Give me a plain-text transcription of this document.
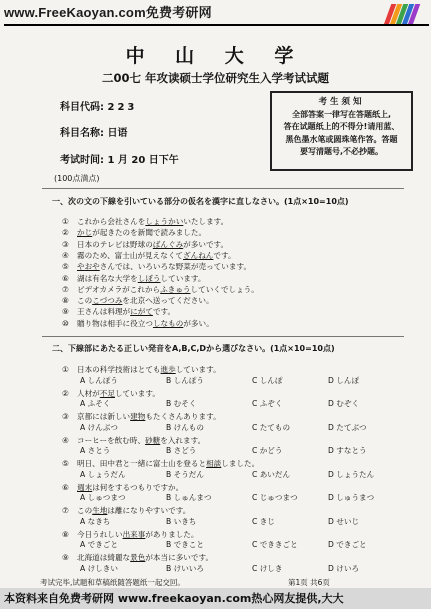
www.FreeKaoyan.com免费考研网
中 山 大 学
二00七 年攻读硕士学位研究生入学考试试题
科目代码: 223
科目名称: 日语
考试时间: 1 月 20 日下午
考生须知
全部答案一律写在答题纸上,
答在试题纸上的不得分!请用蓝、
黑色墨水笔或圆珠笔作答。答题
要写清题号,不必抄题。
(100点満点)
一、次の文の下線を引いている部分の仮名を漢字に直しなさい。(1点×10=10点)
二、下線部にあたる正しい発音をA,B,C,Dから選びなさい。(1点×10=10点)
考试完毕,试题和草稿纸随答题纸一起交回。	第1页 共6页
本资料来自免费考研网 www.freekaoyan.com热心网友提供,大大
① これから会社さんをしょうかいいたします。
② かじが起きたのを新聞で読みました。
③ 日本のテレビは野球のばんぐみが多いです。
④ 霧のため、富士山が見えなくてざんねんです。
⑤ やおやさんでは、いろいろな野菜が売っています。
⑥ 湖は有名な大学をしぼうしています。
⑦ ビデオカメラがこれからふきゅうしていくでしょう。
⑧ このこづつみを北京へ送ってください。
⑨ 王さんは料理がにがてです。
⑩ 贈り物は相手に役立つしなものが多い。
① 日本の科学技術はとても進歩しています。
A しんぽう	B しんぽう	C しんぽ	D しんぽ
② 人材が不足しています。
A ふそく	B むそく	C ふぞく	D むぞく
③ 京都には新しい建物もたくさんあります。
A けんぶつ	B けんもの	C たてもの	D たてぶつ
④ コーヒーを飲む時、砂糖を入れます。
A さとう	B さどう	C かどう	D すなとう
⑤ 明日、田中君と一緒に富士山を登ると相談しました。
A しょうだん	B そうだん	C あいだん	D しょうたん
⑥ 週末は何をするつもりですか。
A しゅつまつ	B しゅんまつ	C じゅつまつ	D しゅうまつ
⑦ この生地は離になりやすいです。
A なきち	B いきち	C きじ	D せいじ
⑧ 今日うれしい出来事がありました。
A できごと	B できこと	C でききごと	D できごと
⑨ 北海道は綺麗な景色が本当に多いです。
A けしきい	B けいいろ	C けしき	D けいろ
